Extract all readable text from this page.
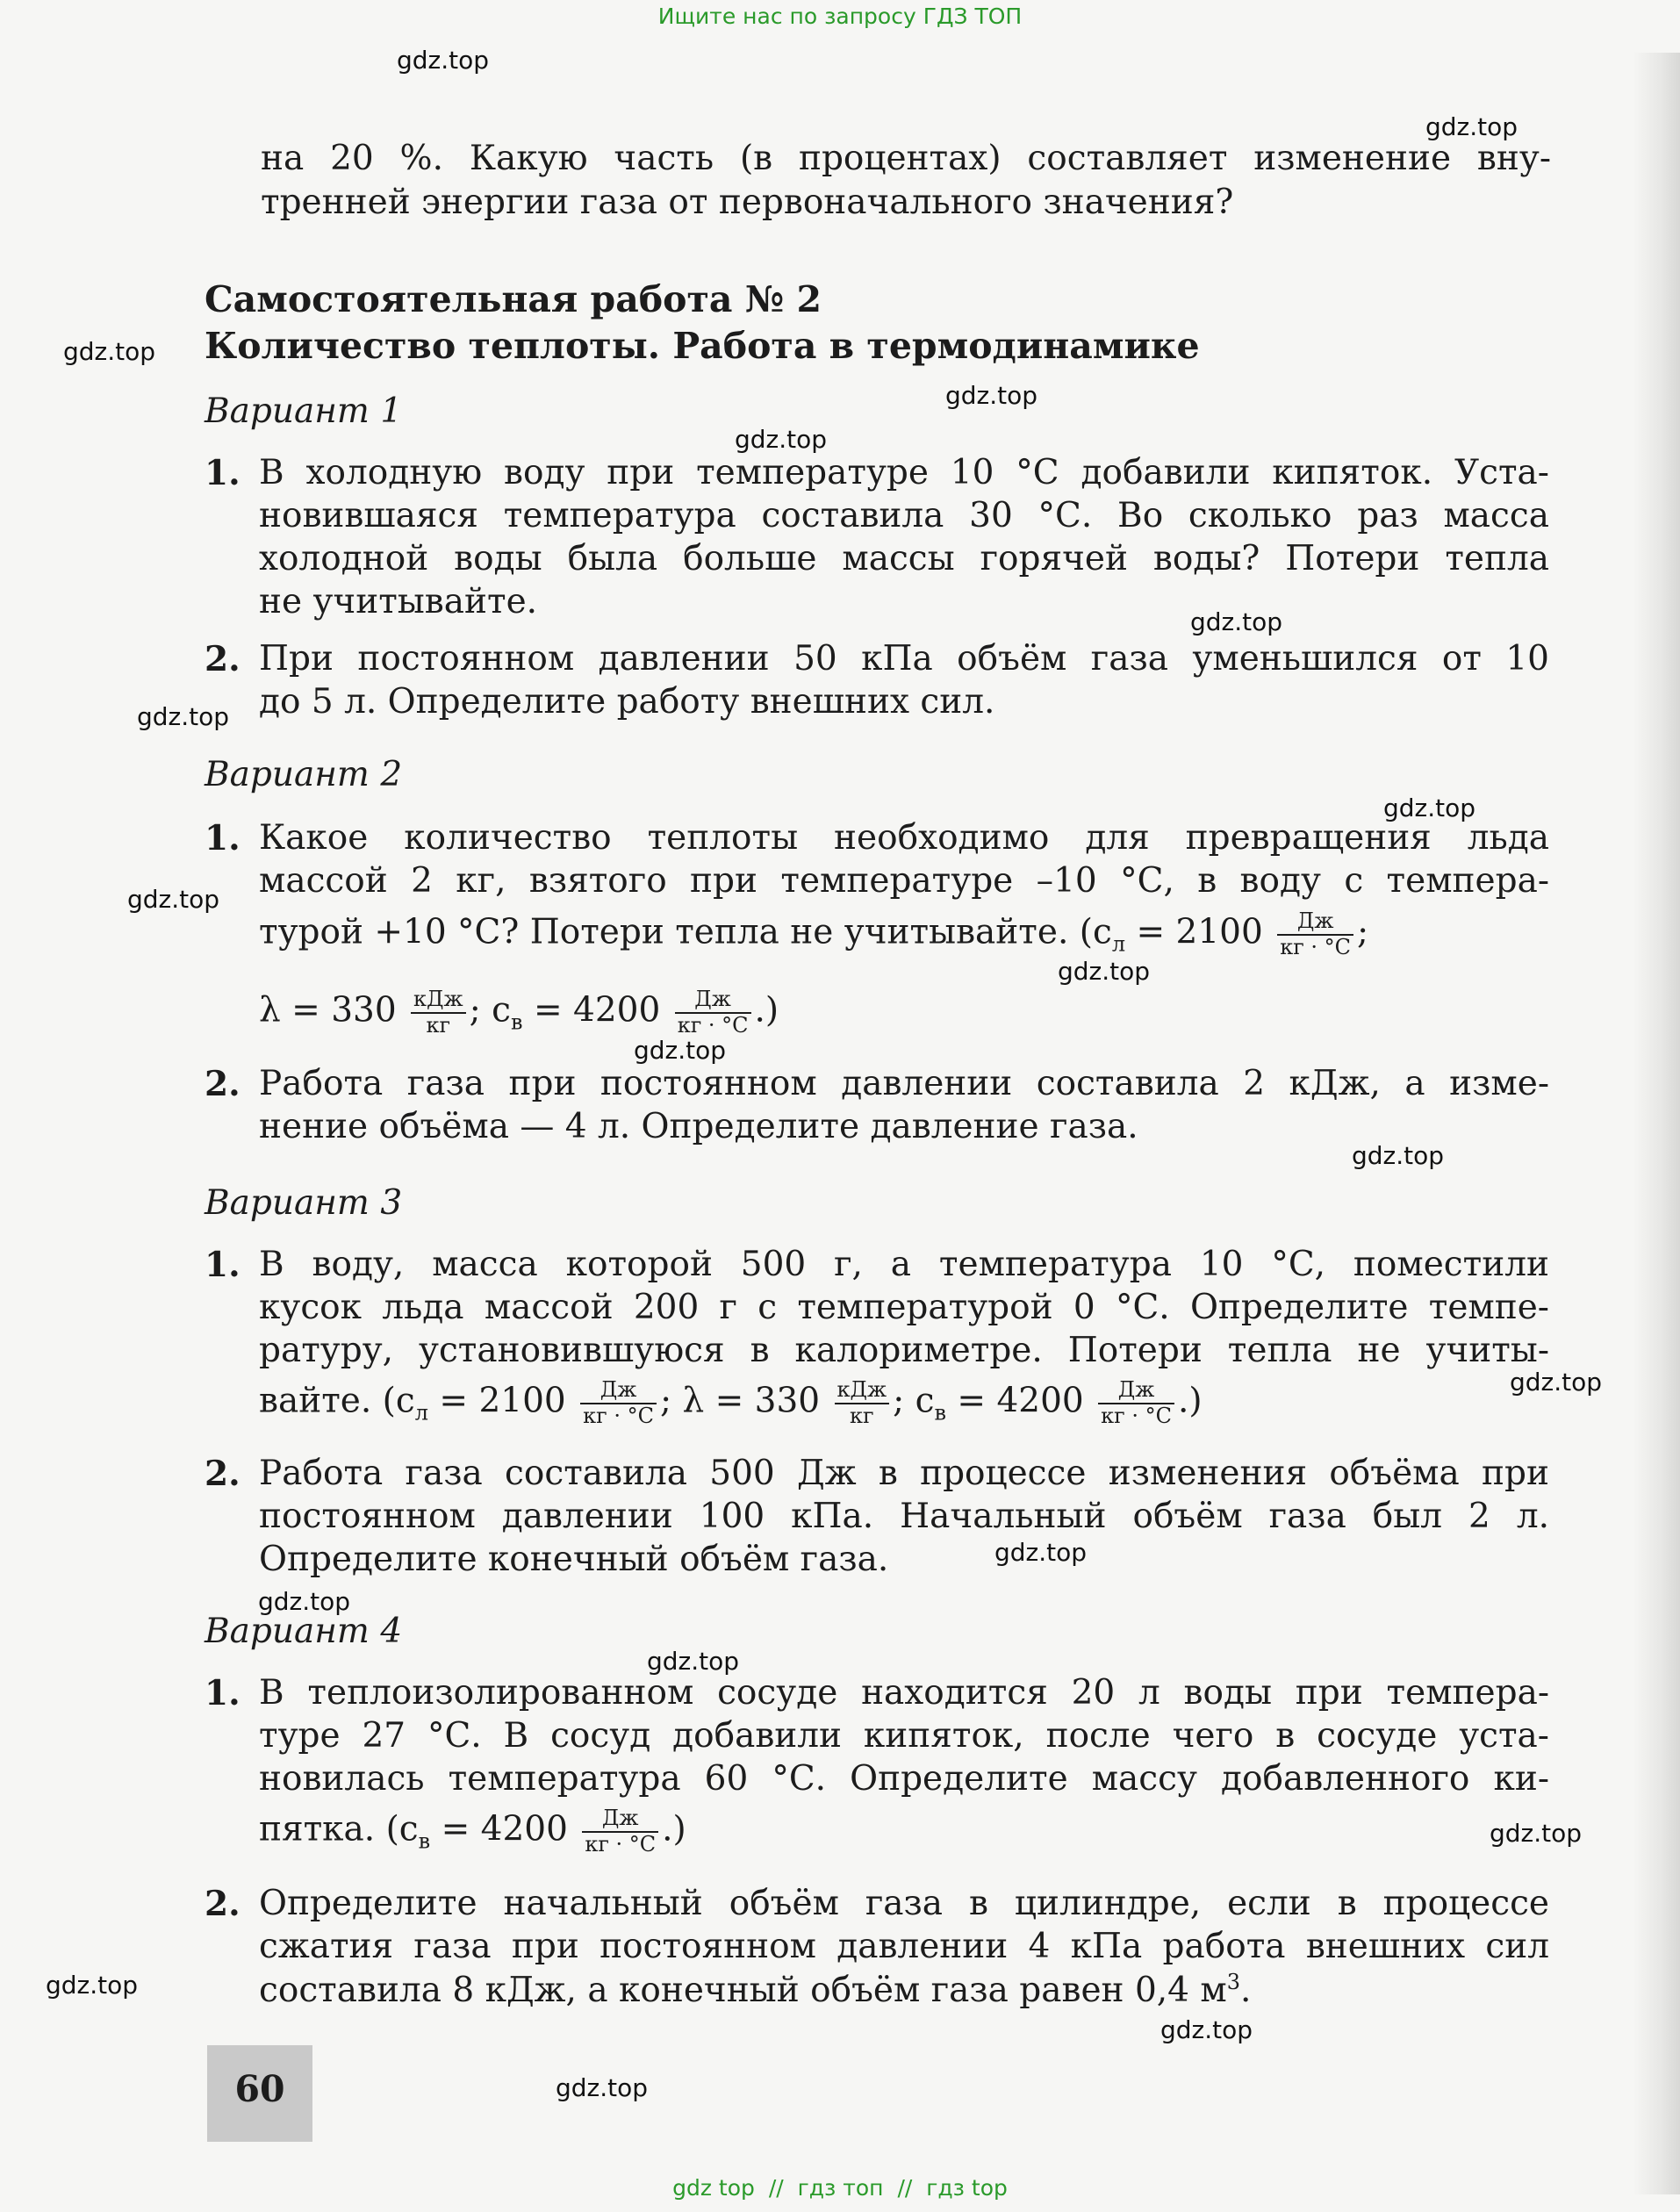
Ищите нас по запросу ГДЗ ТОП
gdz.top
gdz.top
gdz.top
gdz.top
gdz.top
gdz.top
gdz.top
gdz.top
gdz.top
gdz.top
gdz.top
gdz.top
gdz.top
gdz.top
gdz.top
gdz.top
gdz.top
gdz.top
gdz.top
gdz.top
на 20 %. Какую часть (в процентах) составляет изменение вну-
тренней энергии газа от первоначального значения?
Самостоятельная работа № 2
Количество теплоты. Работа в термодинамике
Вариант 1
1. В холодную воду при температуре 10 °С добавили кипяток. Уста-
новившаяся температура составила 30 °С. Во сколько раз масса
холодной воды была больше массы горячей воды? Потери тепла
не учитывайте.
2. При постоянном давлении 50 кПа объём газа уменьшился от 10
до 5 л. Определите работу внешних сил.
Вариант 2
1. Какое количество теплоты необходимо для превращения льда
массой 2 кг, взятого при температуре –10 °С, в воду с темпера-
турой +10 °С? Потери тепла не учитывайте. ($c_л = 2100 \frac{Дж}{кг \cdot ^\circ С}$ ;
$\lambda = 330 \frac{\text{кДж}}{кг}$ ; $c_в = 4200 \frac{Дж}{кг \cdot ^\circ С}$ .)
2. Работа газа при постоянном давлении составила 2 кДж, а изме-
нение объёма — 4 л. Определите давление газа.
Вариант 3
1. В воду, масса которой 500 г, а температура 10 °С, поместили
кусок льда массой 200 г с температурой 0 °С. Определите темпе-
ратуру, установившуюся в калориметре. Потери тепла не учиты-
вайте. ($c_л = 2100 \frac{Дж}{кг \cdot ^\circ С}$ ; $\lambda = 330 \frac{\text{кДж}}{кг}$ ; $c_в = 4200 \frac{Дж}{кг \cdot ^\circ С}$ .)
2. Работа газа составила 500 Дж в процессе изменения объёма при
постоянном давлении 100 кПа. Начальный объём газа был 2 л.
Определите конечный объём газа.
Вариант 4
1. В теплоизолированном сосуде находится 20 л воды при темпера-
туре 27 °С. В сосуд добавили кипяток, после чего в сосуде уста-
новилась температура 60 °С. Определите массу добавленного ки-
пятка. ($c_в = 4200 \frac{Дж}{кг \cdot ^\circ С}$ .)
2. Определите начальный объём газа в цилиндре, если в процессе
сжатия газа при постоянном давлении 4 кПа работа внешних сил
составила 8 кДж, а конечный объём газа равен 0,4 $м^3$.
60
gdz top // гдз топ // гдз top
